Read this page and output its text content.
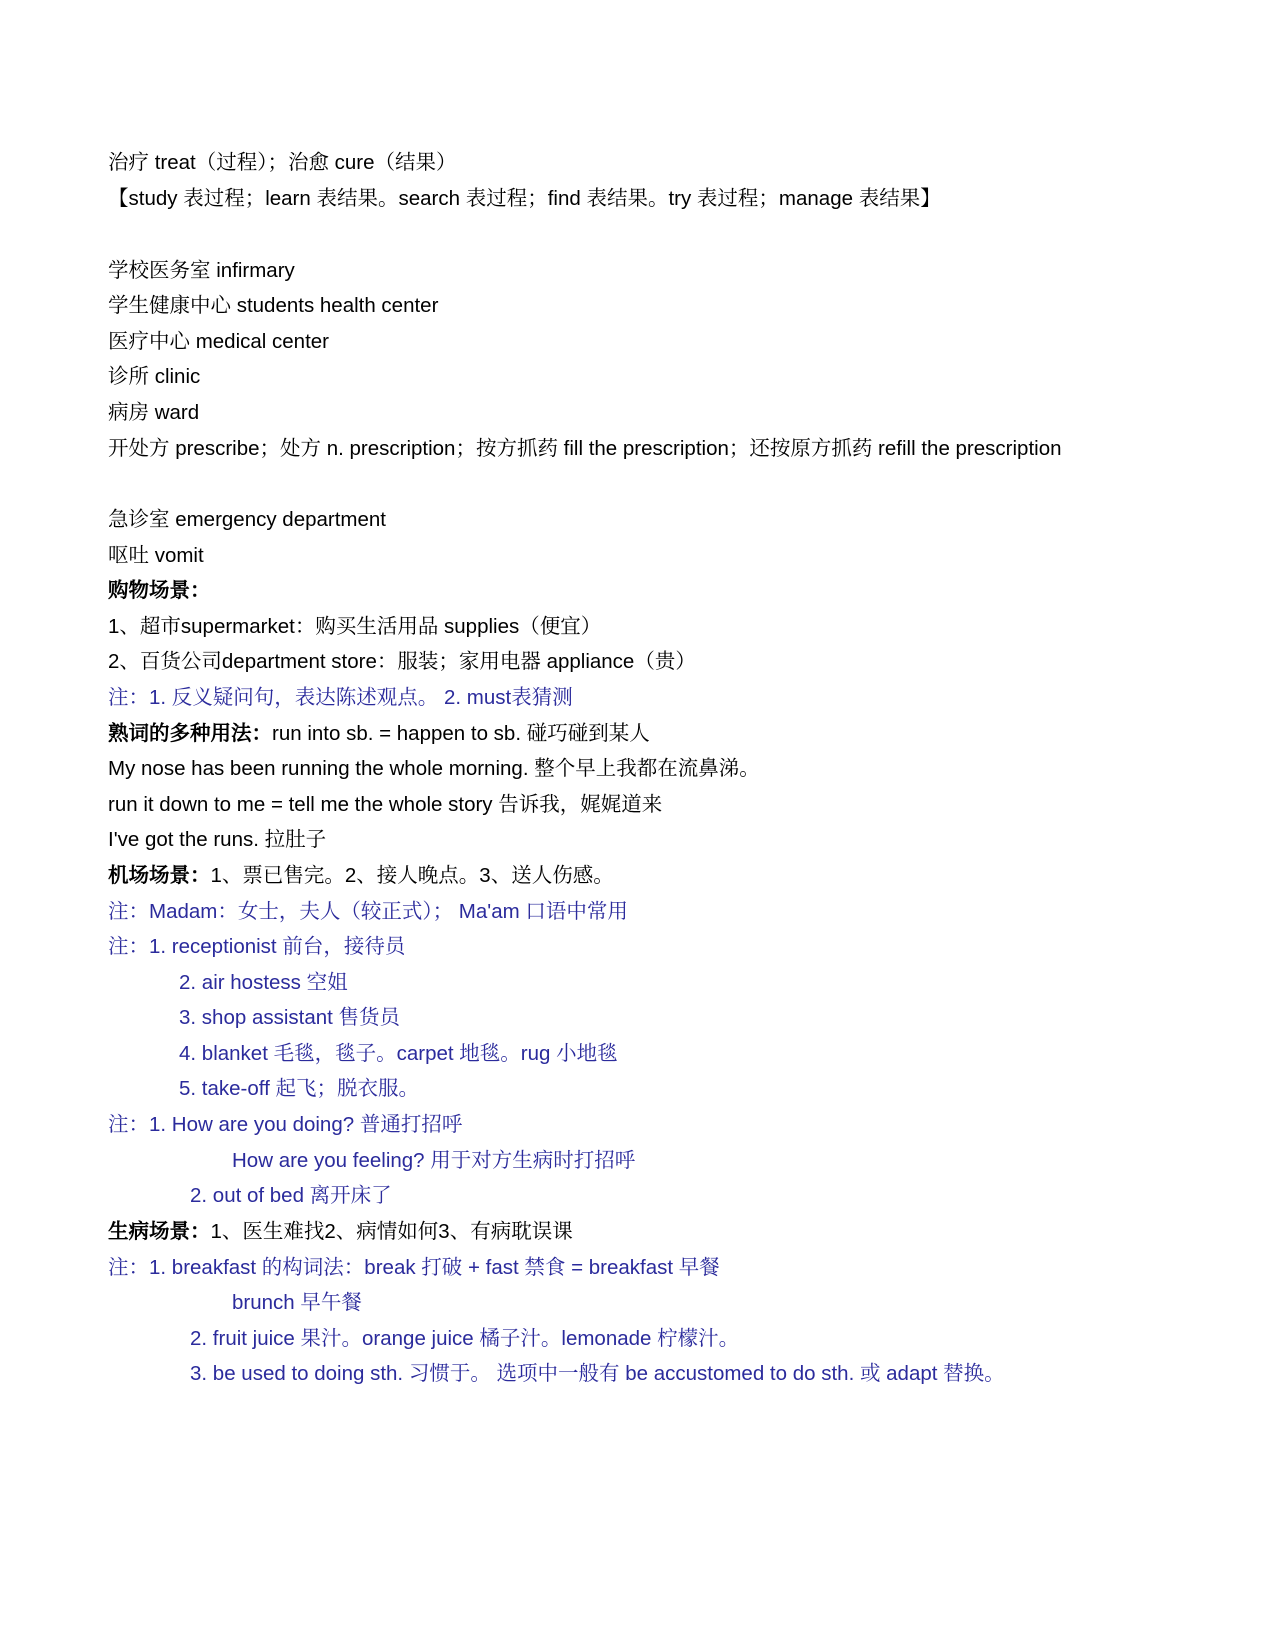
治疗 treat（过程）；治愈 cure（结果）
【study 表过程；learn 表结果。search 表过程；find 表结果。try 表过程；manage 表结果】
学校医务室 infirmary
学生健康中心 students health center
医疗中心 medical center
诊所 clinic
病房 ward
开处方 prescribe；处方 n. prescription；按方抓药 fill the prescription；还按原方抓药 refill the prescription
急诊室 emergency department
呕吐 vomit
购物场景：
1、超市supermarket：购买生活用品 supplies（便宜）
2、百货公司department store：服装；家用电器 appliance（贵）
注：1. 反义疑问句，表达陈述观点。 2. must表猜测
熟词的多种用法：run into sb. = happen to sb. 碰巧碰到某人
My nose has been running the whole morning. 整个早上我都在流鼻涕。
run it down to me = tell me the whole story 告诉我，娓娓道来
I've got the runs. 拉肚子
机场场景：1、票已售完。2、接人晚点。3、送人伤感。
注：Madam：女士，夫人（较正式）； Ma'am 口语中常用
注：1. receptionist 前台，接待员
2. air hostess 空姐
3. shop assistant 售货员
4. blanket 毛毯，毯子。carpet 地毯。rug 小地毯
5. take-off 起飞；脱衣服。
注：1. How are you doing? 普通打招呼
How are you feeling? 用于对方生病时打招呼
2. out of bed 离开床了
生病场景：1、医生难找2、病情如何3、有病耽误课
注：1. breakfast 的构词法：break 打破 + fast 禁食 = breakfast 早餐
brunch 早午餐
2. fruit juice 果汁。orange juice 橘子汁。lemonade 柠檬汁。
3. be used to doing sth. 习惯于。 选项中一般有 be accustomed to do sth. 或 adapt 替换。
